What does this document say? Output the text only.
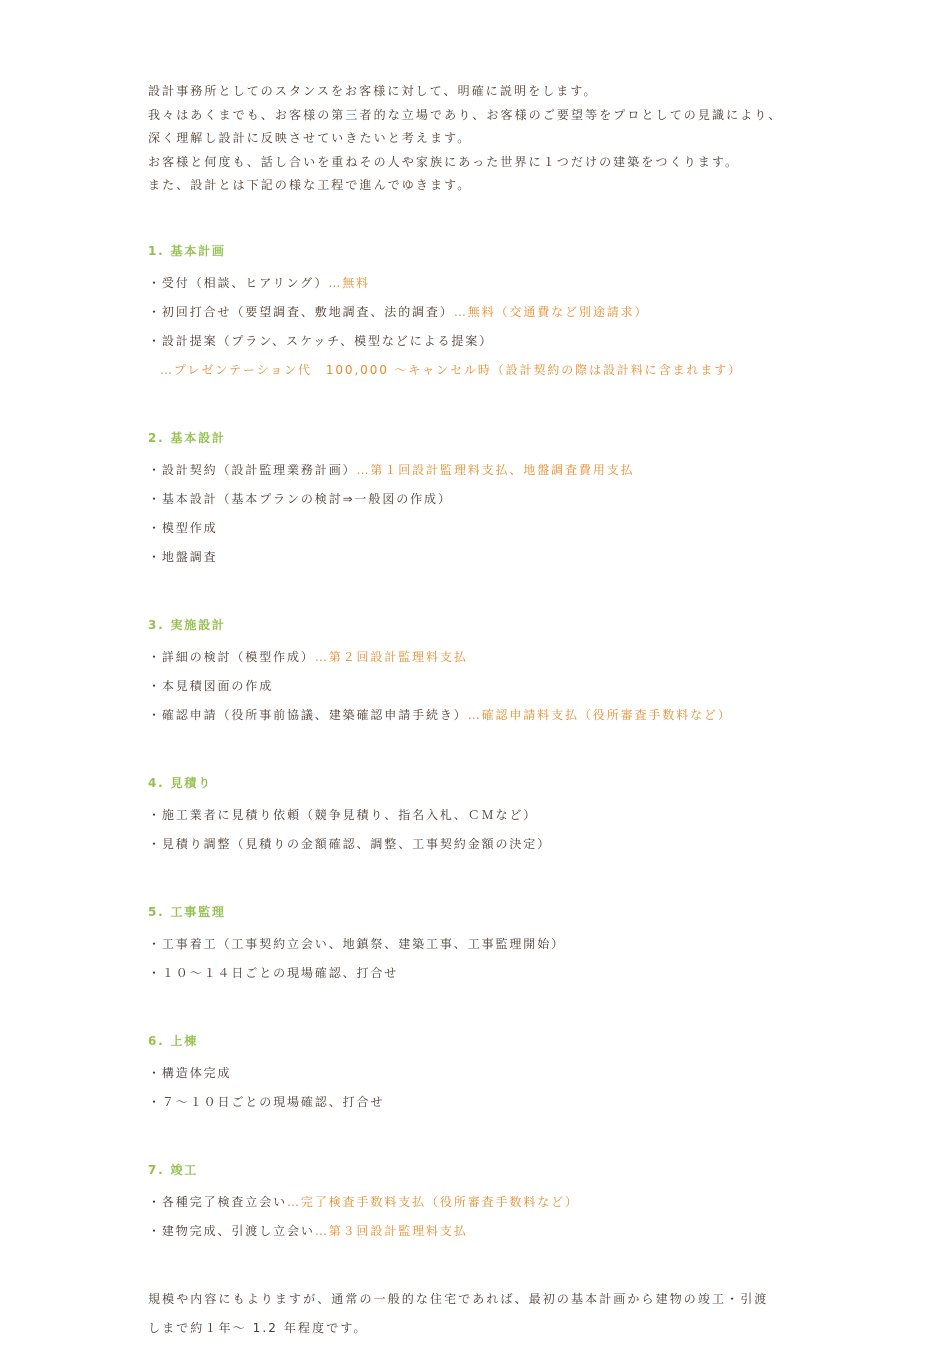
設計事務所としてのスタンスをお客様に対して、明確に説明をします。

我々はあくまでも、お客様の第三者的な立場であり、お客様のご要望等をプロとしての見識により、

深く理解し設計に反映させていきたいと考えます。

お客様と何度も、話し合いを重ねその人や家族にあった世界に１つだけの建築をつくります。

また、設計とは下記の様な工程で進んでゆきます。

1. 基本計画

・受付（相談、ヒアリング）…無料

・初回打合せ（要望調査、敷地調査、法的調査）…無料（交通費など別途請求）

・設計提案（プラン、スケッチ、模型などによる提案）

…プレゼンテーション代　100,000 ～キャンセル時（設計契約の際は設計料に含まれます）

2. 基本設計

・設計契約（設計監理業務計画）…第１回設計監理料支払、地盤調査費用支払

・基本設計（基本プランの検討⇒一般図の作成）

・模型作成

・地盤調査

3. 実施設計

・詳細の検討（模型作成）…第２回設計監理料支払

・本見積図面の作成

・確認申請（役所事前協議、建築確認申請手続き）…確認申請料支払（役所審査手数料など）

4. 見積り

・施工業者に見積り依頼（競争見積り、指名入札、ＣＭなど）

・見積り調整（見積りの金額確認、調整、工事契約金額の決定）

5. 工事監理

・工事着工（工事契約立会い、地鎮祭、建築工事、工事監理開始）

・１０～１４日ごとの現場確認、打合せ

6. 上棟

・構造体完成

・７～１０日ごとの現場確認、打合せ

7. 竣工

・各種完了検査立会い…完了検査手数料支払（役所審査手数料など）

・建物完成、引渡し立会い…第３回設計監理料支払

規模や内容にもよりますが、通常の一般的な住宅であれば、最初の基本計画から建物の竣工・引渡

しまで約１年～ 1.2 年程度です。
